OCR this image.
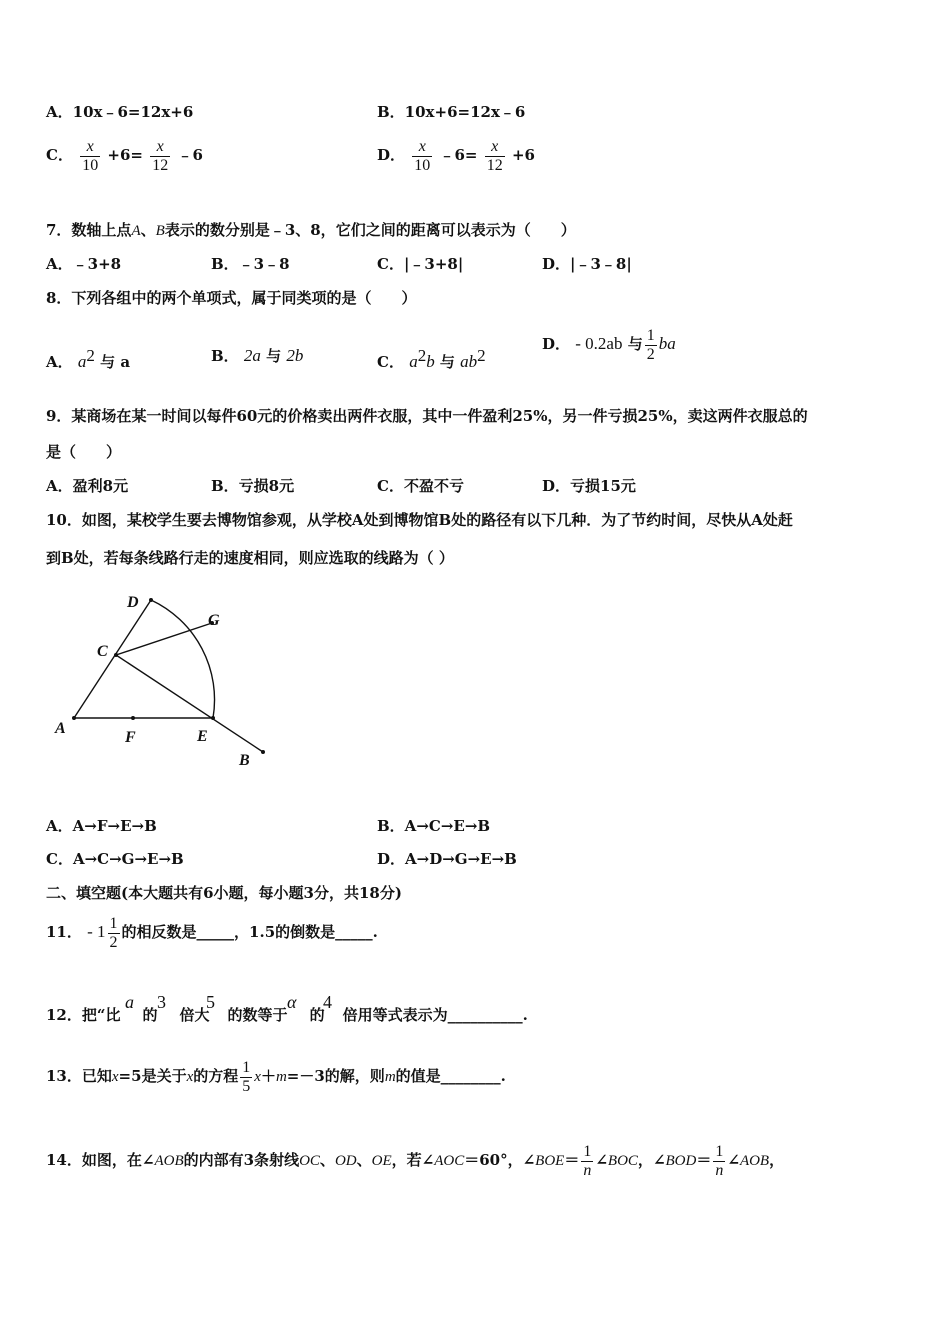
A．10x﹣6=12x+6	B．10x+6=12x﹣6
C． $\frac{x}{10} +6= \frac{x}{12}$ ﹣6	D． $\frac{x}{10}$ ﹣6= $\frac{x}{12} +6$
7．数轴上点A、B表示的数分别是﹣3、8，它们之间的距离可以表示为（　　）
A．﹣3+8	B．﹣3﹣8	C．|﹣3+8|	D．|﹣3﹣8|
8．下列各组中的两个单项式，属于同类项的是（　　）
A． $a^2$ 与 a	B． 2a 与 2b	C． $a^2b$ 与 $ab^2$
D． - 0.2ab 与 $\frac{1}{2}$ ba
9．某商场在某一时间以每件60元的价格卖出两件衣服，其中一件盈利25%，另一件亏损25%，卖这两件衣服总的
是（　　）
A．盈利8元	B．亏损8元	C．不盈不亏	D．亏损15元
10．如图，某校学生要去博物馆参观，从学校A处到博物馆B处的路径有以下几种．为了节约时间，尽快从A处赶
到B处，若每条线路行走的速度相同，则应选取的线路为（ ）
D
G
C
A
F	E
B
A．A→F→E→B	B．A→C→E→B
C．A→C→G→E→B	D．A→D→G→E→B
二、填空题(本大题共有6小题，每小题3分，共18分)
11． - $1 \frac{1}{2}$ 的相反数是_____，1.5的倒数是_____.
12．把“比 的 倍大 的数等于 的 倍用等式表示为__________.
a 3 5	α 4
13．已知x=5是关于x的方程 $\frac{1}{5} x+m=-3$的解，则m的值是________.
14．如图，在∠AOB的内部有3条射线OC、OD、OE，若∠AOC＝60°，∠BOE＝ $\frac{1}{n}$ ∠BOC，∠BOD＝ $\frac{1}{n}$ ∠AOB，
